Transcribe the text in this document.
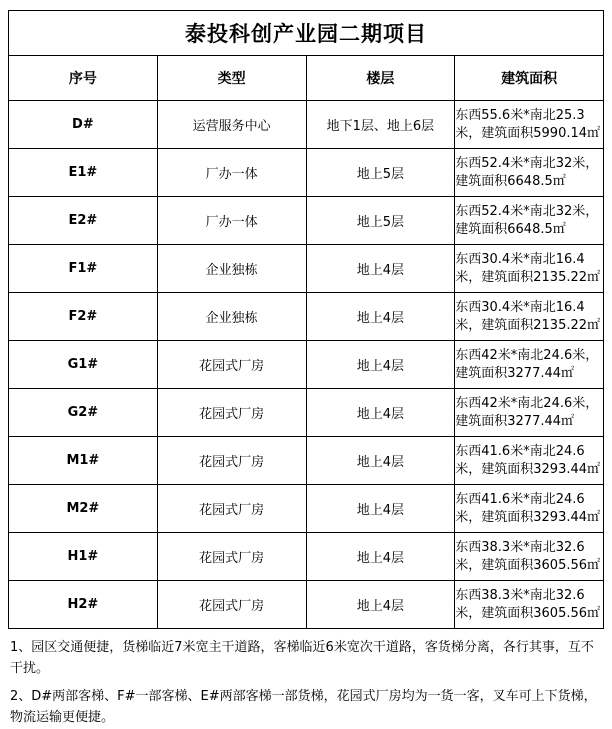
泰投科创产业园二期项目
序号	类型	楼层	建筑面积
D#	运营服务中心	地下1层、地上6层	东西55.6米*南北25.3米，建筑面积5990.14㎡
E1#	厂办一体	地上5层	东西52.4米*南北32米，建筑面积6648.5㎡
E2#	厂办一体	地上5层	东西52.4米*南北32米，建筑面积6648.5㎡
F1#	企业独栋	地上4层	东西30.4米*南北16.4米，建筑面积2135.22㎡
F2#	企业独栋	地上4层	东西30.4米*南北16.4米，建筑面积2135.22㎡
G1#	花园式厂房	地上4层	东西42米*南北24.6米，建筑面积3277.44㎡
G2#	花园式厂房	地上4层	东西42米*南北24.6米，建筑面积3277.44㎡
M1#	花园式厂房	地上4层	东西41.6米*南北24.6米，建筑面积3293.44㎡
M2#	花园式厂房	地上4层	东西41.6米*南北24.6米，建筑面积3293.44㎡
H1#	花园式厂房	地上4层	东西38.3米*南北32.6米，建筑面积3605.56㎡
H2#	花园式厂房	地上4层	东西38.3米*南北32.6米，建筑面积3605.56㎡

1、园区交通便捷，货梯临近7米宽主干道路，客梯临近6米宽次干道路，客货梯分离，各行其事，互不干扰。

2、D#两部客梯、F#一部客梯、E#两部客梯一部货梯，花园式厂房均为一货一客，叉车可上下货梯，物流运输更便捷。
